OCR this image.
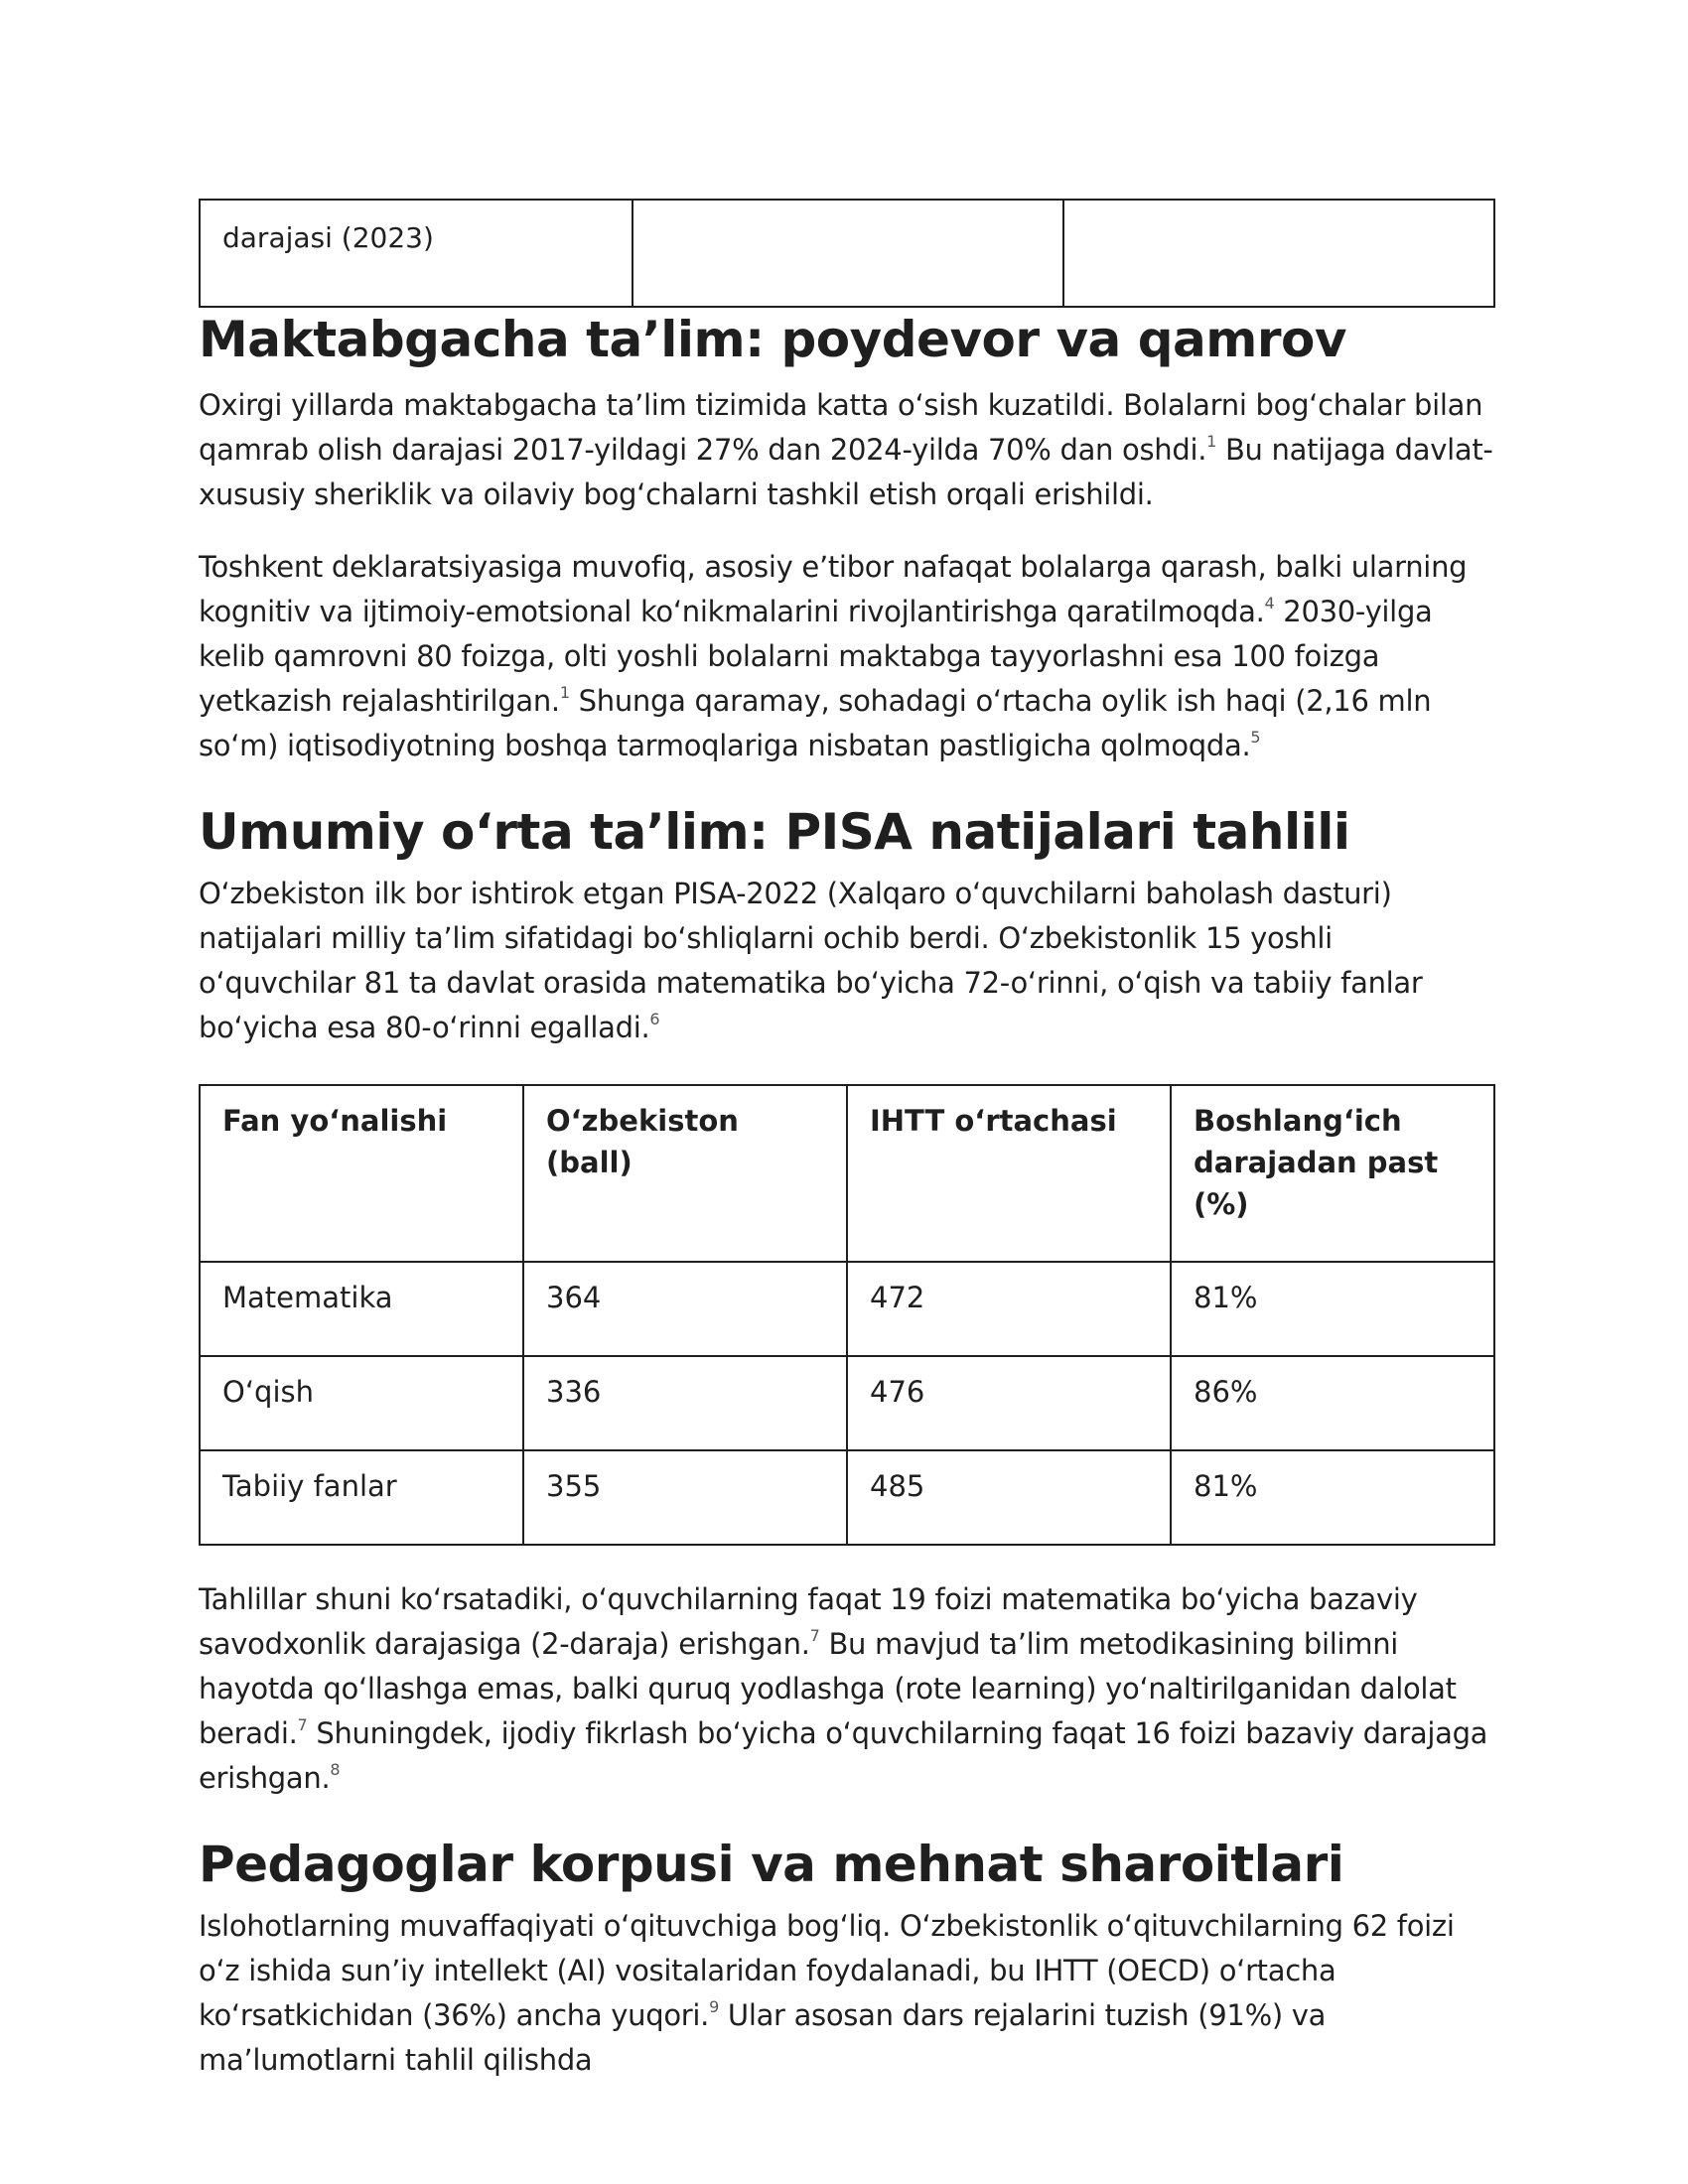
darajasi (2023)		
Maktabgacha ta’lim: poydevor va qamrov

Oxirgi yillarda maktabgacha ta’lim tizimida katta o‘sish kuzatildi. Bolalarni bog‘chalar bilan qamrab olish darajasi 2017-yildagi 27% dan 2024-yilda 70% dan oshdi.$^1$ Bu natijaga davlat-xususiy sheriklik va oilaviy bog‘chalarni tashkil etish orqali erishildi.

Toshkent deklaratsiyasiga muvofiq, asosiy e’tibor nafaqat bolalarga qarash, balki ularning kognitiv va ijtimoiy-emotsional ko‘nikmalarini rivojlantirishga qaratilmoqda.$^4$ 2030-yilga kelib qamrovni 80 foizga, olti yoshli bolalarni maktabga tayyorlashni esa 100 foizga yetkazish rejalashtirilgan.$^1$ Shunga qaramay, sohadagi o‘rtacha oylik ish haqi (2,16 mln so‘m) iqtisodiyotning boshqa tarmoqlariga nisbatan pastligicha qolmoqda.$^5$

Umumiy o‘rta ta’lim: PISA natijalari tahlili

O‘zbekiston ilk bor ishtirok etgan PISA-2022 (Xalqaro o‘quvchilarni baholash dasturi) natijalari milliy ta’lim sifatidagi bo‘shliqlarni ochib berdi. O‘zbekistonlik 15 yoshli o‘quvchilar 81 ta davlat orasida matematika bo‘yicha 72-o‘rinni, o‘qish va tabiiy fanlar bo‘yicha esa 80-o‘rinni egalladi.$^6$

Fan yo‘nalishi	O‘zbekiston (ball)	IHTT o‘rtachasi	Boshlang‘ich darajadan past (%)
Matematika	364	472	81%
O‘qish	336	476	86%
Tabiiy fanlar	355	485	81%

Tahlillar shuni ko‘rsatadiki, o‘quvchilarning faqat 19 foizi matematika bo‘yicha bazaviy savodxonlik darajasiga (2-daraja) erishgan.$^7$ Bu mavjud ta’lim metodikasining bilimni hayotda qo‘llashga emas, balki quruq yodlashga (rote learning) yo‘naltirilganidan dalolat beradi.$^7$ Shuningdek, ijodiy fikrlash bo‘yicha o‘quvchilarning faqat 16 foizi bazaviy darajaga erishgan.$^8$

Pedagoglar korpusi va mehnat sharoitlari

Islohotlarning muvaffaqiyati o‘qituvchiga bog‘liq. O‘zbekistonlik o‘qituvchilarning 62 foizi o‘z ishida sun’iy intellekt (AI) vositalaridan foydalanadi, bu IHTT (OECD) o‘rtacha ko‘rsatkichidan (36%) ancha yuqori.$^9$ Ular asosan dars rejalarini tuzish (91%) va ma’lumotlarni tahlil qilishda
